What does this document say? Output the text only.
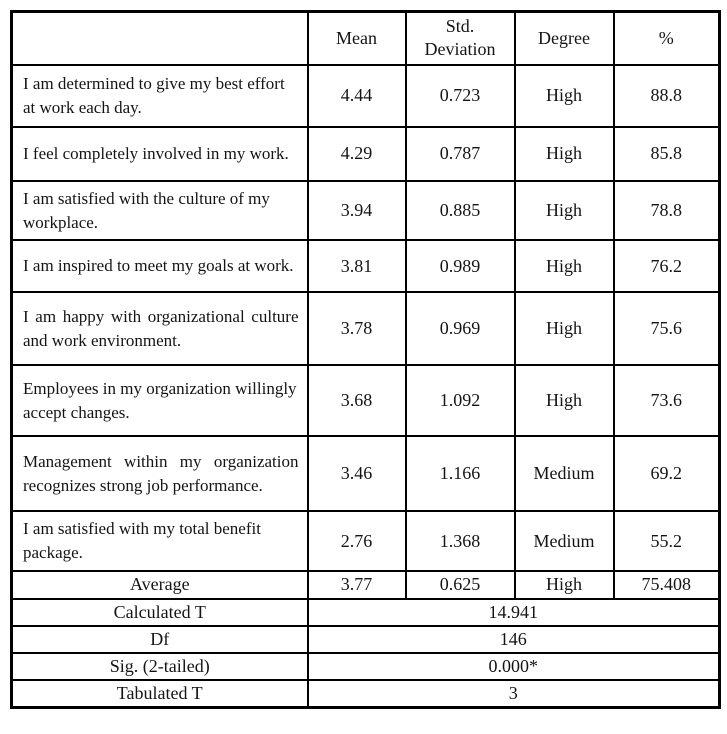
	Mean	Std. Deviation	Degree	%
I am determined to give my best effort at work each day.	4.44	0.723	High	88.8
I feel completely involved in my work.	4.29	0.787	High	85.8
I am satisfied with the culture of my workplace.	3.94	0.885	High	78.8
I am inspired to meet my goals at work.	3.81	0.989	High	76.2
I am happy with organizational culture and work environment.	3.78	0.969	High	75.6
Employees in my organization willingly accept changes.	3.68	1.092	High	73.6
Management within my organization recognizes strong job performance.	3.46	1.166	Medium	69.2
I am satisfied with my total benefit package.	2.76	1.368	Medium	55.2
Average	3.77	0.625	High	75.408
Calculated T	14.941			
Df	146			
Sig. (2-tailed)	0.000*			
Tabulated T	3			
